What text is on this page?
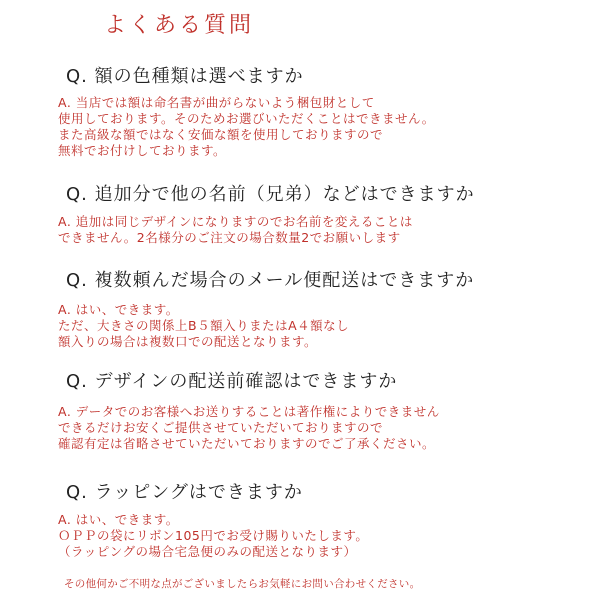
よくある質問
Q. 額の色種類は選べますか
A. 当店では額は命名書が曲がらないよう梱包財として
使用しております。そのためお選びいただくことはできません。
また高級な額ではなく安価な額を使用しておりますので
無料でお付けしております。
Q. 追加分で他の名前（兄弟）などはできますか
A. 追加は同じデザインになりますのでお名前を変えることは
できません。2名様分のご注文の場合数量2でお願いします
Q. 複数頼んだ場合のメール便配送はできますか
A. はい、できます。
ただ、大きさの関係上B５額入りまたはA４額なし
額入りの場合は複数口での配送となります。
Q. デザインの配送前確認はできますか
A. データでのお客様へお送りすることは著作権によりできません
できるだけお安くご提供させていただいておりますので
確認有定は省略させていただいておりますのでご了承ください。
Q. ラッピングはできますか
A. はい、できます。
ＯＰＰの袋にリボン105円でお受け賜りいたします。
（ラッピングの場合宅急便のみの配送となります）
その他何かご不明な点がございましたらお気軽にお問い合わせください。
